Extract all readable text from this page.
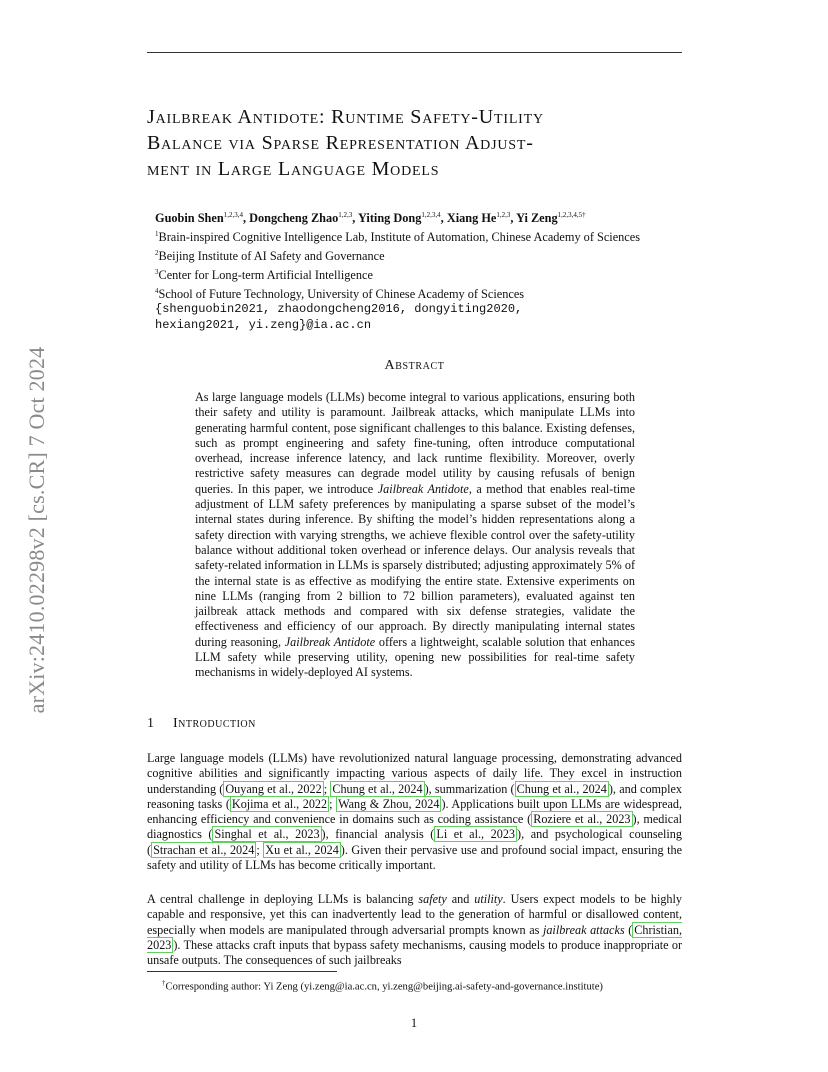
arXiv:2410.02298v2 [cs.CR] 7 Oct 2024
Jailbreak Antidote: Runtime Safety-Utility
Balance via Sparse Representation Adjust-
ment in Large Language Models
Guobin Shen$^{1,2,3,4}$, Dongcheng Zhao$^{1,2,3}$, Yiting Dong$^{1,2,3,4}$, Xiang He$^{1,2,3}$, Yi Zeng$^{1,2,3,4,5\dagger}$
$^1$Brain-inspired Cognitive Intelligence Lab, Institute of Automation, Chinese Academy of Sciences
$^2$Beijing Institute of AI Safety and Governance
$^3$Center for Long-term Artificial Intelligence
$^4$School of Future Technology, University of Chinese Academy of Sciences
{shenguobin2021, zhaodongcheng2016, dongyiting2020,
hexiang2021, yi.zeng}@ia.ac.cn
Abstract
As large language models (LLMs) become integral to various applications, ensuring both their safety and utility is paramount. Jailbreak attacks, which manipulate LLMs into generating harmful content, pose significant challenges to this balance. Existing defenses, such as prompt engineering and safety fine-tuning, often introduce computational overhead, increase inference latency, and lack runtime flexibility. Moreover, overly restrictive safety measures can degrade model utility by causing refusals of benign queries. In this paper, we introduce Jailbreak Antidote, a method that enables real-time adjustment of LLM safety preferences by manipulating a sparse subset of the model’s internal states during inference. By shifting the model’s hidden representations along a safety direction with varying strengths, we achieve flexible control over the safety-utility balance without additional token overhead or inference delays. Our analysis reveals that safety-related information in LLMs is sparsely distributed; adjusting approximately 5% of the internal state is as effective as modifying the entire state. Extensive experiments on nine LLMs (ranging from 2 billion to 72 billion parameters), evaluated against ten jailbreak attack methods and compared with six defense strategies, validate the effectiveness and efficiency of our approach. By directly manipulating internal states during reasoning, Jailbreak Antidote offers a lightweight, scalable solution that enhances LLM safety while preserving utility, opening new possibilities for real-time safety mechanisms in widely-deployed AI systems.
1 Introduction
Large language models (LLMs) have revolutionized natural language processing, demonstrating advanced cognitive abilities and significantly impacting various aspects of daily life. They excel in instruction understanding ( Ouyang et al., 2022 ; Chung et al., 2024 ), summarization ( Chung et al., 2024 ), and complex reasoning tasks ( Kojima et al., 2022 ; Wang & Zhou, 2024 ). Applications built upon LLMs are widespread, enhancing efficiency and convenience in domains such as coding assistance ( Roziere et al., 2023 ), medical diagnostics ( Singhal et al., 2023 ), financial analysis ( Li et al., 2023 ), and psychological counseling ( Strachan et al., 2024 ; Xu et al., 2024 ). Given their pervasive use and profound social impact, ensuring the safety and utility of LLMs has become critically important.
A central challenge in deploying LLMs is balancing safety and utility. Users expect models to be highly capable and responsive, yet this can inadvertently lead to the generation of harmful or disallowed content, especially when models are manipulated through adversarial prompts known as jailbreak attacks ( Christian, 2023 ). These attacks craft inputs that bypass safety mechanisms, causing models to produce inappropriate or unsafe outputs. The consequences of such jailbreaks
†Corresponding author: Yi Zeng (yi.zeng@ia.ac.cn, yi.zeng@beijing.ai-safety-and-governance.institute)
1
